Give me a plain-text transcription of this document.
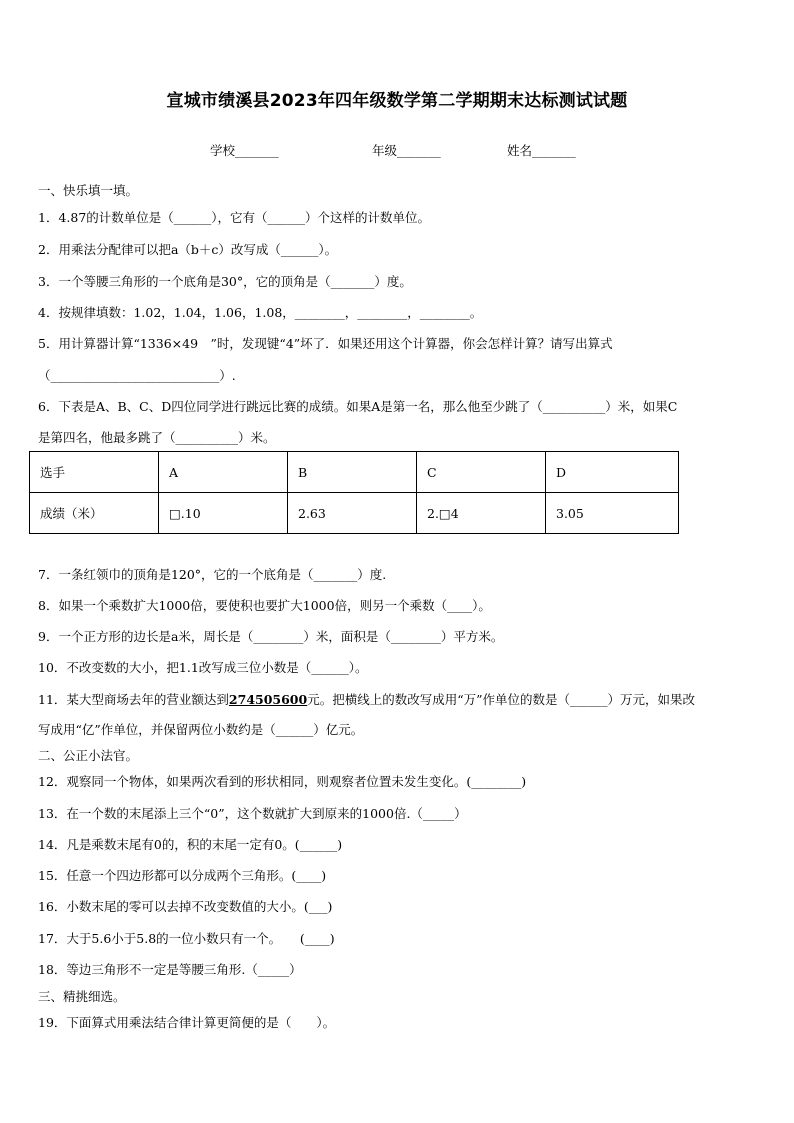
宣城市绩溪县2023年四年级数学第二学期期末达标测试试题
学校_______	年级_______	姓名_______
一、快乐填一填。
1．4.87的计数单位是（______），它有（______）个这样的计数单位。
2．用乘法分配律可以把a（b＋c）改写成（______）。
3．一个等腰三角形的一个底角是30°，它的顶角是（_______）度。
4．按规律填数：1.02，1.04，1.06，1.08，________，________，________。
5．用计算器计算“1336×49　”时，发现键“4”坏了．如果还用这个计算器，你会怎样计算？请写出算式
（___________________________）.
6．下表是A、B、C、D四位同学进行跳远比赛的成绩。如果A是第一名，那么他至少跳了（__________）米，如果C
是第四名，他最多跳了（__________）米。
选手	A	B	C	D
成绩（米）	□.10	2.63	2.□4	3.05
7．一条红领巾的顶角是120°，它的一个底角是（_______）度.
8．如果一个乘数扩大1000倍，要使积也要扩大1000倍，则另一个乘数（____）。
9．一个正方形的边长是a米，周长是（________）米，面积是（________）平方米。
10．不改变数的大小，把1.1改写成三位小数是（______）。
11．某大型商场去年的营业额达到274505600元。把横线上的数改写成用“万”作单位的数是（______）万元，如果改
写成用“亿”作单位，并保留两位小数约是（______）亿元。
二、公正小法官。
12．观察同一个物体，如果两次看到的形状相同，则观察者位置未发生变化。(________)
13．在一个数的末尾添上三个“0”，这个数就扩大到原来的1000倍.（_____）
14．凡是乘数末尾有0的，积的末尾一定有0。(______)
15．任意一个四边形都可以分成两个三角形。(____)
16．小数末尾的零可以去掉不改变数值的大小。(___)
17．大于5.6小于5.8的一位小数只有一个。　　(____)
18．等边三角形不一定是等腰三角形.（_____）
三、精挑细选。
19．下面算式用乘法结合律计算更简便的是（　　）。
